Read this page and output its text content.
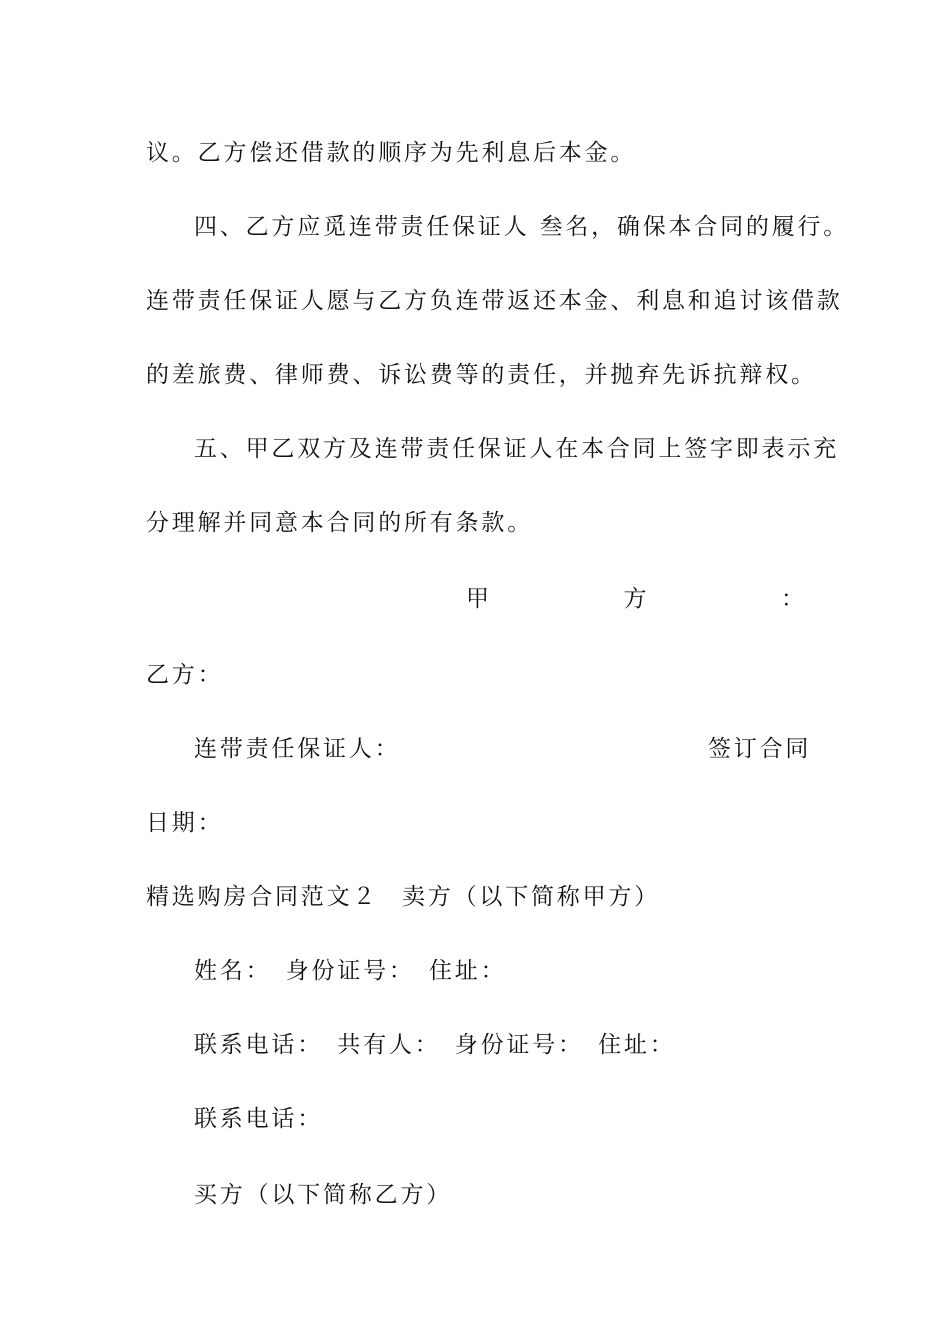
议。乙方偿还借款的顺序为先利息后本金。
四、乙方应觅连带责任保证人 叁名，确保本合同的履行。
连带责任保证人愿与乙方负连带返还本金、利息和追讨该借款
的差旅费、律师费、诉讼费等的责任，并抛弃先诉抗辩权。
五、甲乙双方及连带责任保证人在本合同上签字即表示充
分理解并同意本合同的所有条款。
甲	方	：
乙方：
连带责任保证人：	签订合同
日期：
精选购房合同范文２ 卖方（以下简称甲方）
姓名：　身份证号：　住址：
联系电话：　共有人：　身份证号：　住址：
联系电话：
买方（以下简称乙方）
